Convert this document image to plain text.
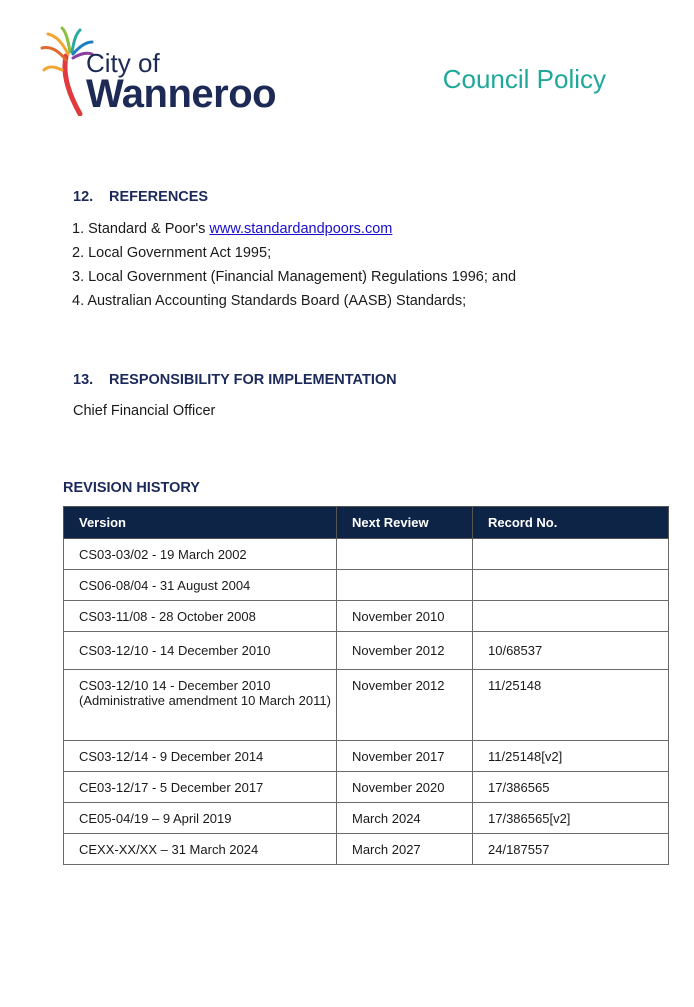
City of
Wanneroo	Council Policy
12. REFERENCES
1. Standard & Poor's www.standardandpoors.com
2. Local Government Act 1995;
3. Local Government (Financial Management) Regulations 1996; and
4. Australian Accounting Standards Board (AASB) Standards;
13. RESPONSIBILITY FOR IMPLEMENTATION
Chief Financial Officer
REVISION HISTORY
Version	Next Review	Record No.
CS03-03/02 - 19 March 2002		
CS06-08/04 - 31 August 2004		
CS03-11/08 - 28 October 2008	November 2010	
CS03-12/10 - 14 December 2010	November 2012	10/68537

CS03-12/10 14 - December 2010
(Administrative amendment 10 March 2011)	November 2012	11/25148
CS03-12/14 - 9 December 2014	November 2017	11/25148[v2]
CE03-12/17 - 5 December 2017	November 2020	17/386565
CE05-04/19 – 9 April 2019	March 2024	17/386565[v2]
CEXX-XX/XX – 31 March 2024	March 2027	24/187557
